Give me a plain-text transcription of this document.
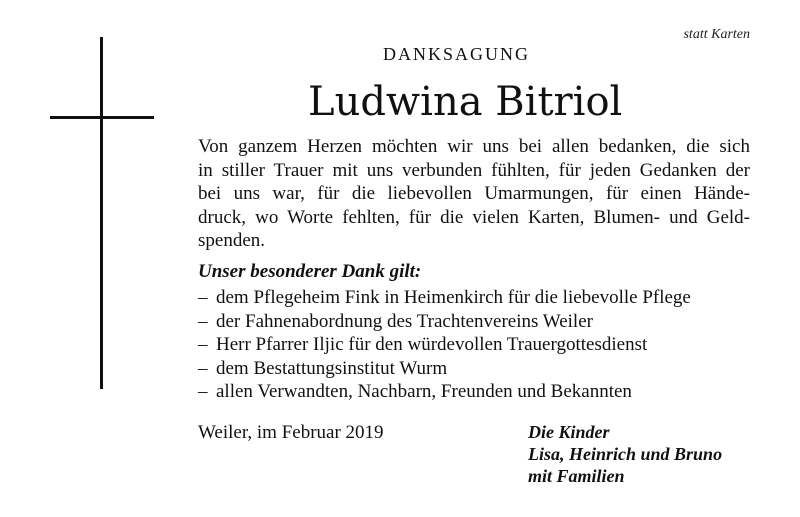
statt Karten
DANKSAGUNG
Ludwina Bitriol
Von ganzem Herzen möchten wir uns bei allen bedanken, die sich
in stiller Trauer mit uns verbunden fühlten, für jeden Gedanken der
bei uns war, für die liebevollen Umarmungen, für einen Hände-
druck, wo Worte fehlten, für die vielen Karten, Blumen- und Geld-
spenden.
Unser besonderer Dank gilt:
– dem Pflegeheim Fink in Heimenkirch für die liebevolle Pflege
– der Fahnenabordnung des Trachtenvereins Weiler
– Herr Pfarrer Iljic für den würdevollen Trauergottesdienst
– dem Bestattungsinstitut Wurm
– allen Verwandten, Nachbarn, Freunden und Bekannten
Weiler, im Februar 2019	Die Kinder
Lisa, Heinrich und Bruno
mit Familien
